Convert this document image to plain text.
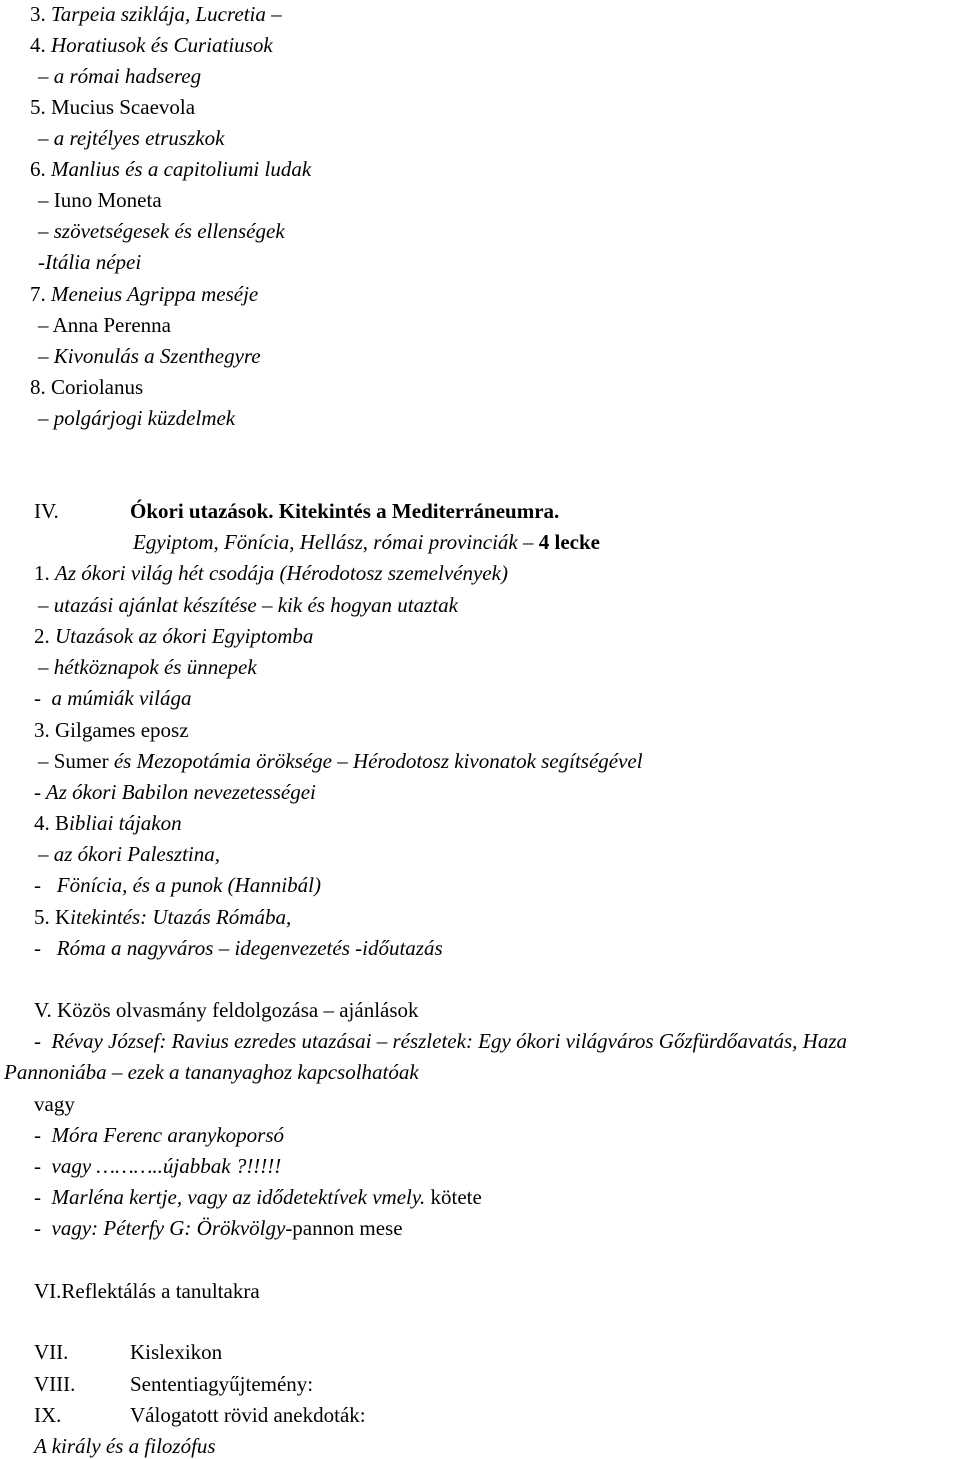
3. Tarpeia sziklája, Lucretia –
4. Horatiusok és Curiatiusok
– a római hadsereg
5. Mucius Scaevola
– a rejtélyes etruszkok
6. Manlius és a capitoliumi ludak
– Iuno Moneta
– szövetségesek és ellenségek
-Itália népei
7. Meneius Agrippa meséje
– Anna Perenna
– Kivonulás a Szenthegyre
8. Coriolanus
– polgárjogi küzdelmek
IV.	Ókori utazások. Kitekintés a Mediterráneumra.
Egyiptom, Fönícia, Hellász, római provinciák – 4 lecke
1. Az ókori világ hét csodája (Hérodotosz szemelvények)
– utazási ajánlat készítése – kik és hogyan utaztak
2. Utazások az ókori Egyiptomba
– hétköznapok és ünnepek
- a múmiák világa
3. Gilgames eposz
– Sumer és Mezopotámia öröksége – Hérodotosz kivonatok segítségével
- Az ókori Babilon nevezetességei
4. Bibliai tájakon
– az ókori Palesztina,
- Fönícia, és a punok (Hannibál)
5. Kitekintés: Utazás Rómába,
- Róma a nagyváros – idegenvezetés -időutazás
V. Közös olvasmány feldolgozása – ajánlások
- Révay József: Ravius ezredes utazásai – részletek: Egy ókori világváros Gőzfürdőavatás, Haza
Pannoniába – ezek a tananyaghoz kapcsolhatóak
vagy
- Móra Ferenc aranykoporsó
- vagy ………..újabbak ?!!!!!
- Marléna kertje, vagy az idődetektívek vmely. kötete
- vagy: Péterfy G: Örökvölgy-pannon mese
VI.Reflektálás a tanultakra
VII.	Kislexikon
VIII.	Sententiagyűjtemény:
IX.	Válogatott rövid anekdoták:
A király és a filozófus
